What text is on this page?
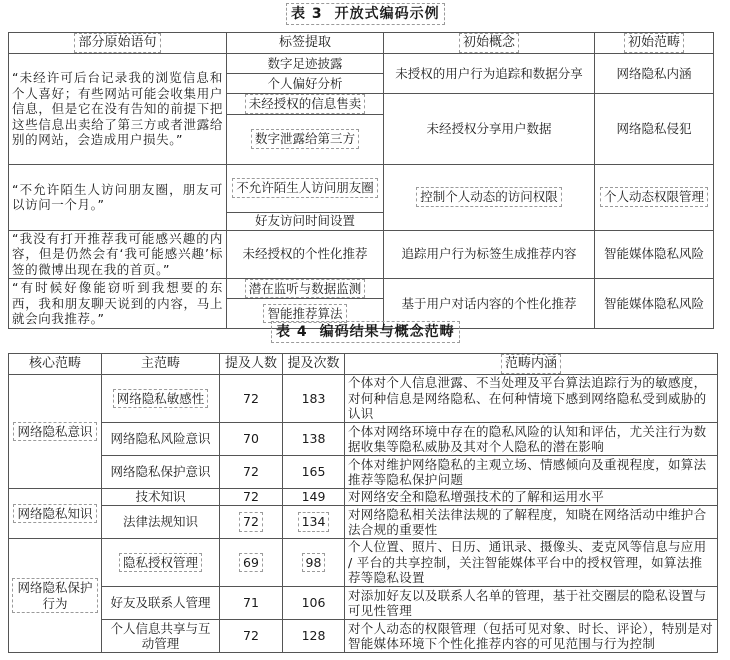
表 3 开放式编码示例
部分原始语句	标签提取	初始概念	初始范畴
“未经许可后台记录我的浏览信息和个人喜好；有些网站可能会收集用户信息，但是它在没有告知的前提下把这些信息出卖给了第三方或者泄露给别的网站，会造成用户损失。”	数字足迹披露	未授权的用户行为追踪和数据分享	网络隐私内涵
	个人偏好分析		
	未经授权的信息售卖	未经授权分享用户数据	网络隐私侵犯
	数字泄露给第三方		
“不允许陌生人访问朋友圈，朋友可以访问一个月。”	不允许陌生人访问朋友圈	控制个人动态的访问权限	个人动态权限管理
	好友访问时间设置		
“我没有打开推荐我可能感兴趣的内容，但是仍然会有‘我可能感兴趣’标签的微博出现在我的首页。”	未经授权的个性化推荐	追踪用户行为标签生成推荐内容	智能媒体隐私风险
“有时候好像能窃听到我想要的东西，我和朋友聊天说到的内容，马上就会向我推荐。”	潜在监听与数据监测	基于用户对话内容的个性化推荐	智能媒体隐私风险
	智能推荐算法		
表 4 编码结果与概念范畴
核心范畴	主范畴	提及人数	提及次数	范畴内涵
网络隐私意识	网络隐私敏感性	72	183	个体对个人信息泄露、不当处理及平台算法追踪行为的敏感度，对何种信息是网络隐私、在何种情境下感到网络隐私受到威胁的认识
	网络隐私风险意识	70	138	个体对网络环境中存在的隐私风险的认知和评估，尤关注行为数据收集等隐私威胁及其对个人隐私的潜在影响
	网络隐私保护意识	72	165	个体对维护网络隐私的主观立场、情感倾向及重视程度，如算法推荐等隐私保护问题
网络隐私知识	技术知识	72	149	对网络安全和隐私增强技术的了解和运用水平
	法律法规知识	72	134	对网络隐私相关法律法规的了解程度，知晓在网络活动中维护合法合规的重要性
网络隐私保护行为	隐私授权管理	69	98	个人位置、照片、日历、通讯录、摄像头、麦克风等信息与应用 / 平台的共享控制，关注智能媒体平台中的授权管理，如算法推荐等隐私设置
	好友及联系人管理	71	106	对添加好友以及联系人名单的管理，基于社交圈层的隐私设置与可见性管理
	个人信息共享与互动管理	72	128	对个人动态的权限管理（包括可见对象、时长、评论），特别是对智能媒体环境下个性化推荐内容的可见范围与行为控制
